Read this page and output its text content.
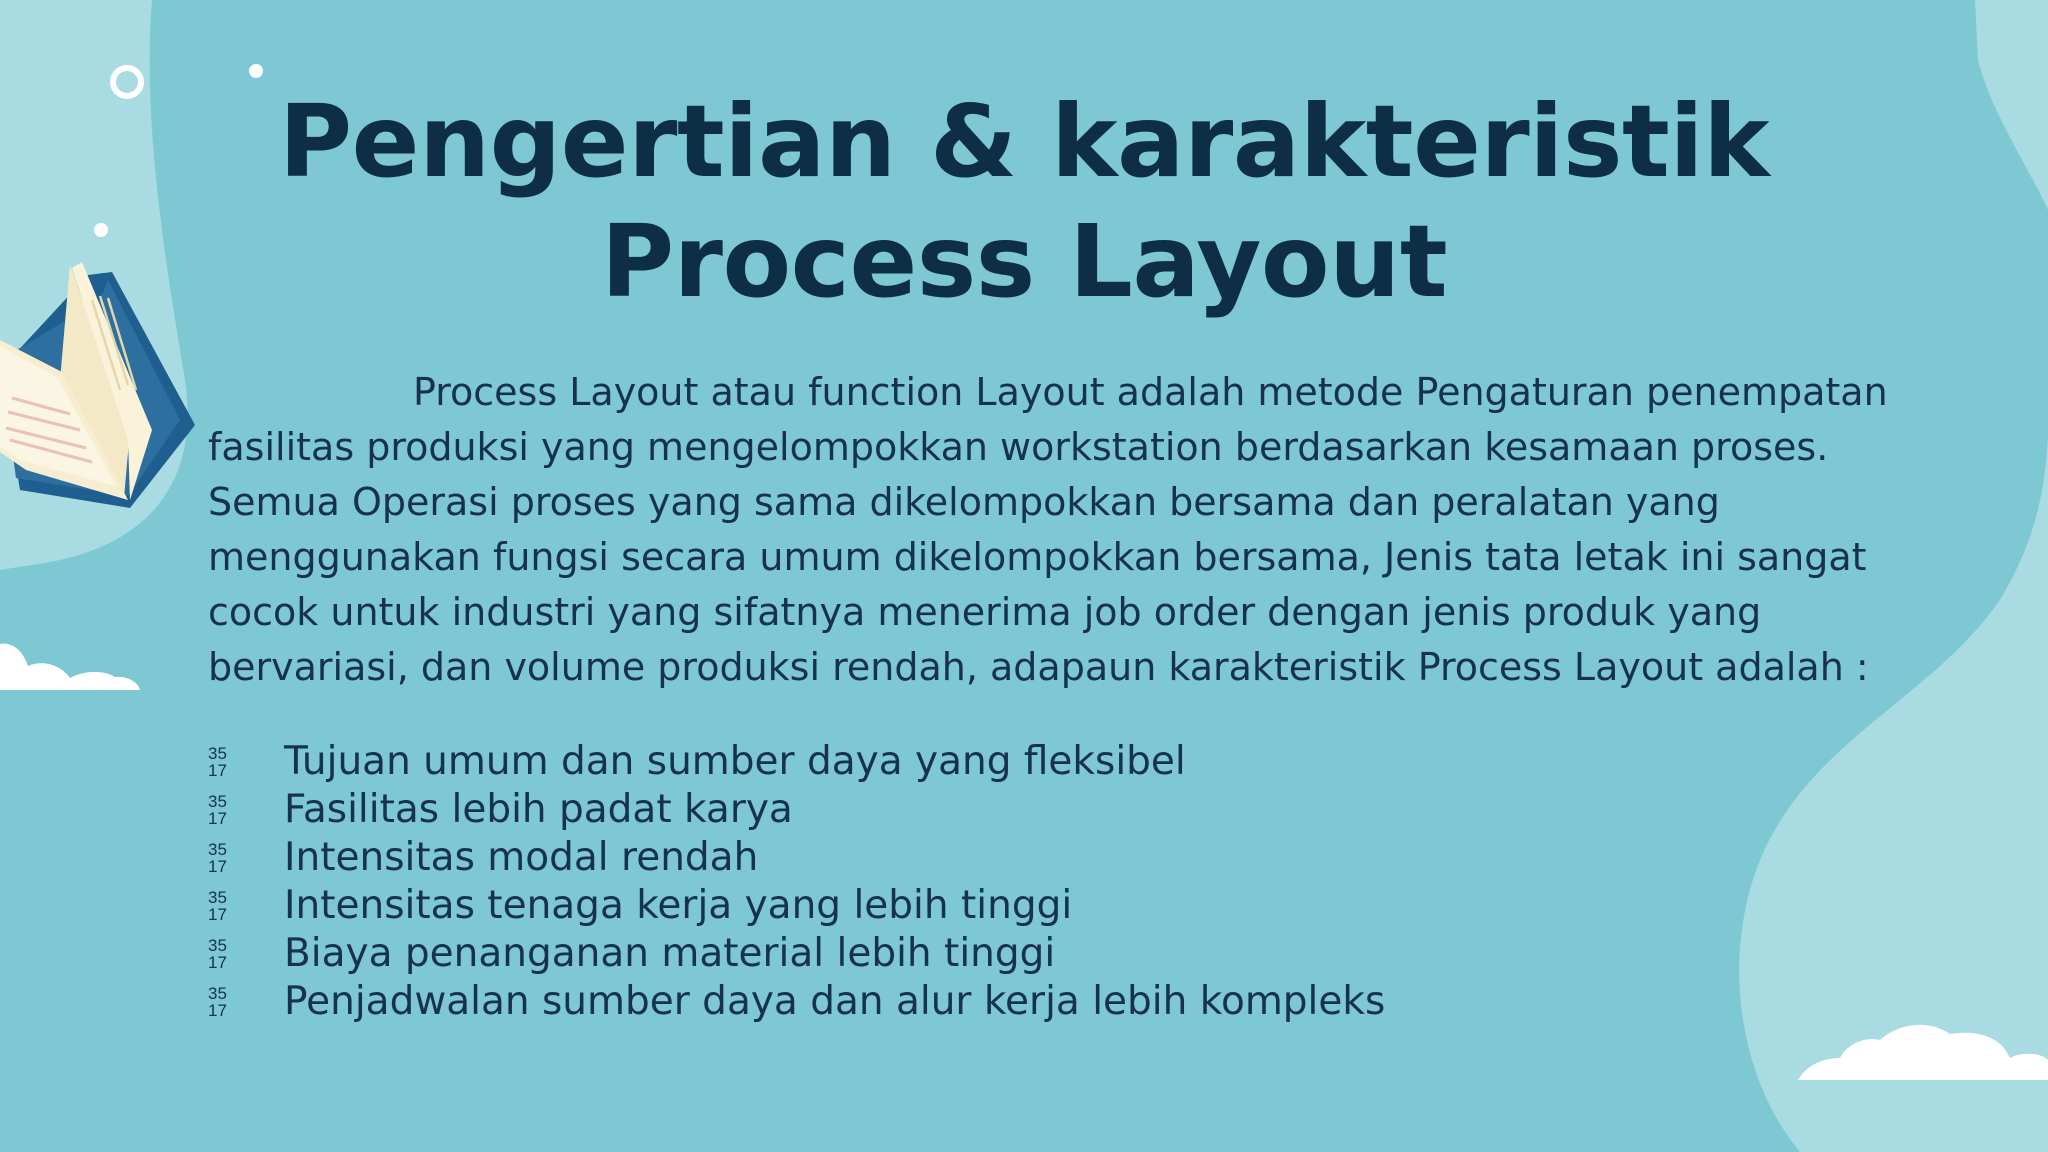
Pengertian & karakteristik
Process Layout

Process Layout atau function Layout adalah metode Pengaturan penempatan
fasilitas produksi yang mengelompokkan workstation berdasarkan kesamaan proses.
Semua Operasi proses yang sama dikelompokkan bersama dan peralatan yang
menggunakan fungsi secara umum dikelompokkan bersama, Jenis tata letak ini sangat
cocok untuk industri yang sifatnya menerima job order dengan jenis produk yang
bervariasi, dan volume produksi rendah, adapaun karakteristik Process Layout adalah :

35
17	Tujuan umum dan sumber daya yang fleksibel
35
17	Fasilitas lebih padat karya
35
17	Intensitas modal rendah
35
17	Intensitas tenaga kerja yang lebih tinggi
35
17	Biaya penanganan material lebih tinggi
35
17	Penjadwalan sumber daya dan alur kerja lebih kompleks
